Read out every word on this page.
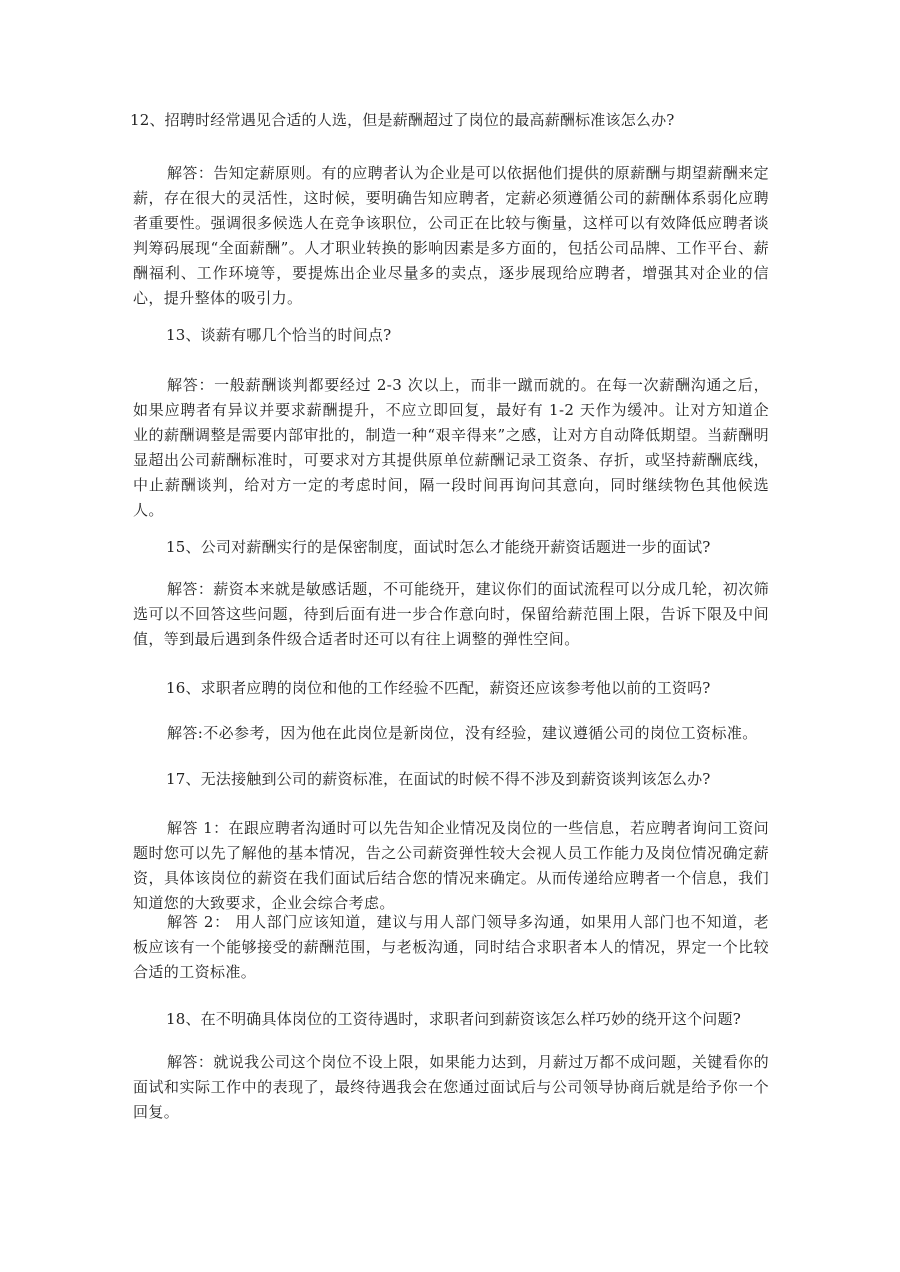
12、招聘时经常遇见合适的人选，但是薪酬超过了岗位的最高薪酬标准该怎么办?
解答：告知定薪原则。有的应聘者认为企业是可以依据他们提供的原薪酬与期望薪酬来定薪，存在很大的灵活性，这时候，要明确告知应聘者，定薪必须遵循公司的薪酬体系弱化应聘者重要性。强调很多候选人在竞争该职位，公司正在比较与衡量，这样可以有效降低应聘者谈判筹码展现“全面薪酬”。人才职业转换的影响因素是多方面的，包括公司品牌、工作平台、薪酬福利、工作环境等，要提炼出企业尽量多的卖点，逐步展现给应聘者，增强其对企业的信心，提升整体的吸引力。
13、谈薪有哪几个恰当的时间点?
解答：一般薪酬谈判都要经过 2-3 次以上，而非一蹴而就的。在每一次薪酬沟通之后，如果应聘者有异议并要求薪酬提升，不应立即回复，最好有 1-2 天作为缓冲。让对方知道企业的薪酬调整是需要内部审批的，制造一种“艰辛得来”之感，让对方自动降低期望。当薪酬明显超出公司薪酬标准时，可要求对方其提供原单位薪酬记录工资条、存折，或坚持薪酬底线，中止薪酬谈判，给对方一定的考虑时间，隔一段时间再询问其意向，同时继续物色其他候选人。
15、公司对薪酬实行的是保密制度，面试时怎么才能绕开薪资话题进一步的面试?
解答：薪资本来就是敏感话题，不可能绕开，建议你们的面试流程可以分成几轮，初次筛选可以不回答这些问题，待到后面有进一步合作意向时，保留给薪范围上限，告诉下限及中间值，等到最后遇到条件级合适者时还可以有往上调整的弹性空间。
16、求职者应聘的岗位和他的工作经验不匹配，薪资还应该参考他以前的工资吗?
解答:不必参考，因为他在此岗位是新岗位，没有经验，建议遵循公司的岗位工资标准。
17、无法接触到公司的薪资标准，在面试的时候不得不涉及到薪资谈判该怎么办?
解答 1：在跟应聘者沟通时可以先告知企业情况及岗位的一些信息，若应聘者询问工资问题时您可以先了解他的基本情况，告之公司薪资弹性较大会视人员工作能力及岗位情况确定薪资，具体该岗位的薪资在我们面试后结合您的情况来确定。从而传递给应聘者一个信息，我们知道您的大致要求，企业会综合考虑。
解答 2： 用人部门应该知道，建议与用人部门领导多沟通，如果用人部门也不知道，老板应该有一个能够接受的薪酬范围，与老板沟通，同时结合求职者本人的情况，界定一个比较合适的工资标准。
18、在不明确具体岗位的工资待遇时，求职者问到薪资该怎么样巧妙的绕开这个问题?
解答：就说我公司这个岗位不设上限，如果能力达到，月薪过万都不成问题，关键看你的面试和实际工作中的表现了，最终待遇我会在您通过面试后与公司领导协商后就是给予你一个回复。
